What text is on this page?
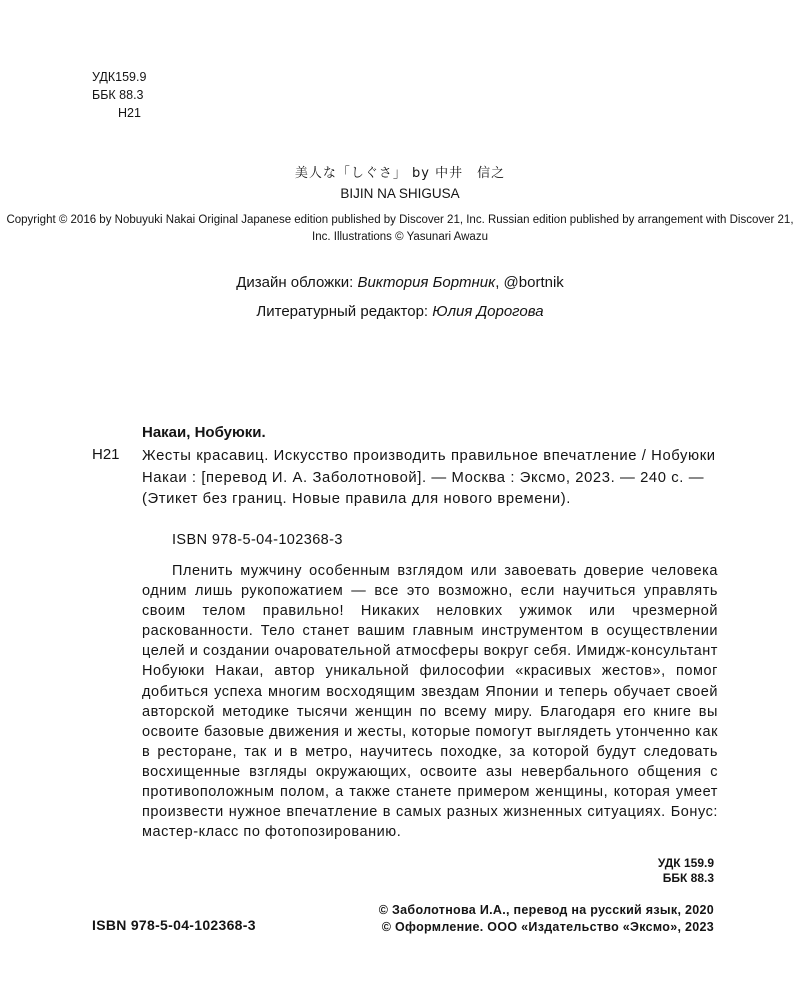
УДК159.9
ББК 88.3
Н21
美人な「しぐさ」 by 中井　信之
BIJIN NA SHIGUSA
Copyright © 2016 by Nobuyuki Nakai Original Japanese edition published by Discover 21, Inc. Russian edition published by arrangement with Discover 21, Inc. Illustrations © Yasunari Awazu
Дизайн обложки: Виктория Бортник, @bortnik
Литературный редактор: Юлия Дорогова
Накаи, Нобуюки.
Н21 Жесты красавиц. Искусство производить правильное впечатление / Нобуюки Накаи : [перевод И. А. Заболотновой]. — Москва : Эксмо, 2023. — 240 с. — (Этикет без границ. Новые правила для нового времени).
ISBN 978-5-04-102368-3

Пленить мужчину особенным взглядом или завоевать доверие человека одним лишь рукопожатием — все это возможно, если научиться управлять своим телом правильно! Никаких неловких ужимок или чрезмерной раскованности. Тело станет вашим главным инструментом в осуществлении целей и создании очаровательной атмосферы вокруг себя. Имидж-консультант Нобуюки Накаи, автор уникальной философии «красивых жестов», помог добиться успеха многим восходящим звездам Японии и теперь обучает своей авторской методике тысячи женщин по всему миру. Благодаря его книге вы освоите базовые движения и жесты, которые помогут выглядеть утонченно как в ресторане, так и в метро, научитесь походке, за которой будут следовать восхищенные взгляды окружающих, освоите азы невербального общения с противоположным полом, а также станете примером женщины, которая умеет произвести нужное впечатление в самых разных жизненных ситуациях. Бонус: мастер-класс по фотопозированию.

УДК 159.9
ББК 88.3
ISBN 978-5-04-102368-3
© Заболотнова И.А., перевод на русский язык, 2020
© Оформление. ООО «Издательство «Эксмо», 2023
